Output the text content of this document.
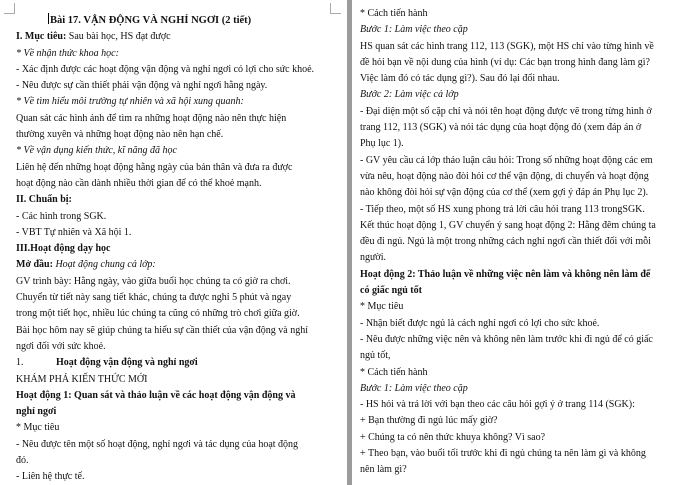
Bài 17. VẬN ĐỘNG VÀ NGHỈ NGƠI (2 tiết)
I. Mục tiêu: Sau bài học, HS đạt được
* Về nhận thức khoa học:
- Xác định được các hoạt động vận động và nghỉ ngơi có lợi cho sức khoẻ.
- Nêu được sự cần thiết phải vận động và nghỉ ngơi hằng ngày.
* Về tìm hiểu môi trường tự nhiên và xã hội xung quanh:
Quan sát các hình ảnh để tìm ra những hoạt động nào nên thực hiện
thường xuyên và những hoạt động nào nên hạn chế.
* Về vận dụng kiến thức, kĩ năng đã học
Liên hệ đến những hoạt động hằng ngày của bản thân và đưa ra được
hoạt động nào cần dành nhiều thời gian để có thể khoẻ mạnh.
II. Chuẩn bị:
- Các hình trong SGK.
- VBT Tự nhiên và Xã hội 1.
III.Hoạt động dạy học
Mở đầu: Hoạt động chung cả lớp:
GV trình bày: Hằng ngày, vào giữa buổi học chúng ta có giờ ra chơi.
Chuyển từ tiết này sang tiết khác, chúng ta được nghỉ 5 phút và ngay
trong một tiết học, nhiều lúc chúng ta cũng có những trò chơi giữa giờ.
Bài học hôm nay sẽ giúp chúng ta hiểu sự cần thiết của vận động và nghỉ
ngơi đối với sức khoẻ.
1.	Hoạt động vận động và nghỉ ngơi
KHÁM PHÁ KIẾN THỨC MỚI
Hoạt động 1: Quan sát và thảo luận về các hoạt động vận động và
nghỉ ngơi
* Mục tiêu
- Nêu được tên một số hoạt động, nghỉ ngơi và tác dụng của hoạt động
đó.
- Liên hệ thực tế.
* Cách tiến hành
Bước 1: Làm việc theo cặp
HS quan sát các hình trang 112, 113 (SGK), một HS chỉ vào từng hình về
đề hỏi bạn về nội dung của hình (ví dụ: Các bạn trong hình đang làm gì?
Việc làm đó có tác dụng gì?). Sau đó lại đổi nhau.
Bước 2: Làm việc cả lớp
- Đại diện một số cặp chỉ và nói tên hoạt động được vẽ trong từng hình ở
trang 112, 113 (SGK) và nói tác dụng của hoạt động đó (xem đáp án ở
Phụ lục 1).
- GV yêu cầu cả lớp thảo luận câu hỏi: Trong số những hoạt động các em
vừa nêu, hoạt động nào đòi hỏi cơ thể vận động, di chuyển và hoạt động
nào không đòi hỏi sự vận động của cơ thể (xem gợi ý đáp án Phụ lục 2).
- Tiếp theo, một số HS xung phong trả lời câu hỏi trang 113 trongSGK.
Kết thúc hoạt động 1, GV chuyển ý sang hoạt động 2: Hằng đêm chúng ta
đều đi ngủ. Ngủ là một trong những cách nghỉ ngơi cần thiết đối với mỗi
người.
Hoạt động 2: Thảo luận về những việc nên làm và không nên làm để
có giấc ngủ tốt
* Mục tiêu
- Nhận biết được ngủ là cách nghỉ ngơi có lợi cho sức khoẻ.
- Nêu được những việc nên và không nên làm trước khi đi ngủ để có giấc
ngủ tốt,
* Cách tiến hành
Bước 1: Làm việc theo cặp
- HS hỏi và trả lời với bạn theo các câu hỏi gợi ý ở trang 114 (SGK):
+ Bạn thường đi ngủ lúc mấy giờ?
+ Chúng ta có nên thức khuya không? Vì sao?
+ Theo bạn, vào buổi tối trước khi đi ngủ chúng ta nên làm gì và không
nên làm gì?
